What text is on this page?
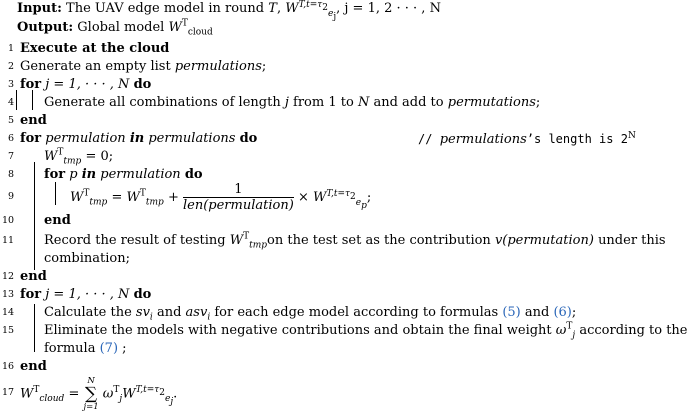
Input: The UAV edge model in round T, $W^{T,t=\tau_2}_{e_j}$, j = 1, 2 · · · , N
Output: Global model $W^T_{cloud}$
1 Execute at the cloud
2 Generate an empty list permulations;
3 for j = 1, · · · , N do
4 Generate all combinations of length j from 1 to N and add to permutations;
5 end
6 for permulation in permulations do	// permulations’s length is $2^N$
7 $W^T_{tmp} = 0$;
8 for p in permulation do
9	$W^T_{tmp} = W^T_{tmp} + \frac{1}{\text{len(permulation)}} \times W^{T,t=\tau_2}_{e_p}$;
10 end
11 Record the result of testing $W^T_{tmp}on$ the test set as the contribution v(permutation) under this
combination;
12 end
13 for j = 1, · · · , N do
14 Calculate the $sv_i$ and asv$_i$ for each edge model according to formulas (5) and (6);
15 Eliminate the models with negative contributions and obtain the final weight $\omega^T_j$ according to the
formula (7) ;
16 end
17 $W^T_{cloud}$ =
N
∑
j=1
$\omega^T_jW^{T,t=\tau_2}_{e_j}$.
